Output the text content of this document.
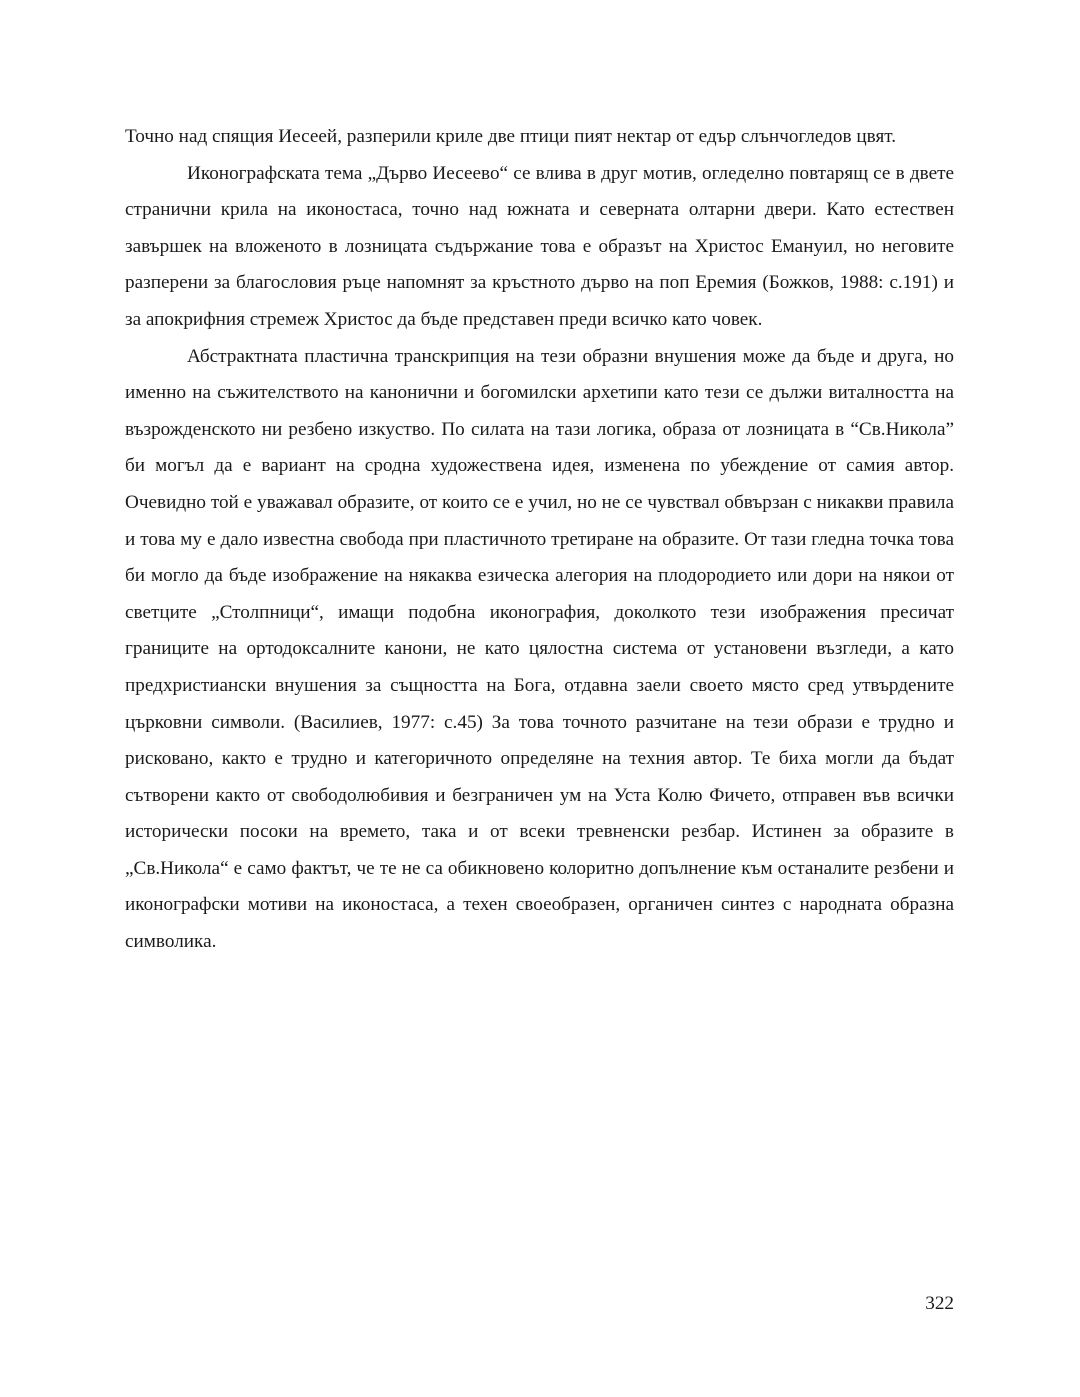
Точно над спящия Иесеей, разперили криле две птици пият нектар от едър слънчогледов цвят.

Иконографската тема „Дърво Иесеево“ се влива в друг мотив, огледелно повтарящ се в двете странични крила на иконостаса, точно над южната и северната олтарни двери. Като естествен завършек на вложеното в лозницата съдържание това е образът на Христос Емануил, но неговите разперени за благословия ръце напомнят за кръстното дърво на поп Еремия (Божков, 1988: с.191) и за апокрифния стремеж Христос да бъде представен преди всичко като човек.

Абстрактната пластична транскрипция на тези образни внушения може да бъде и друга, но именно на съжителството на канонични и богомилски архетипи като тези се дължи виталността на възрожденското ни резбено изкуство. По силата на тази логика, образа от лозницата в “Св.Никола” би могъл да е вариант на сродна художествена идея, изменена по убеждение от самия автор. Очевидно той е уважавал образите, от които се е учил, но не се чувствал обвързан с никакви правила и това му е дало известна свобода при пластичното третиране на образите. От тази гледна точка това би могло да бъде изображение на някаква езическа алегория на плодородието или дори на някои от светците „Столпници“, имащи подобна иконография, доколкото тези изображения пресичат границите на ортодоксалните канони, не като цялостна система от установени възгледи, а като предхристиански внушения за същността на Бога, отдавна заели своето място сред утвърдените църковни символи. (Василиев, 1977: с.45) За това точното разчитане на тези образи е трудно и рисковано, както е трудно и категоричното определяне на техния автор. Те биха могли да бъдат сътворени както от свободолюбивия и безграничен ум на Уста Колю Фичето, отправен във всички исторически посоки на времето, така и от всеки тревненски резбар. Истинен за образите в „Св.Никола“ е само фактът, че те не са обикновено колоритно допълнение към останалите резбени и иконографски мотиви на иконостаса, а техен своеобразен, органичен синтез с народната образна символика.

322
